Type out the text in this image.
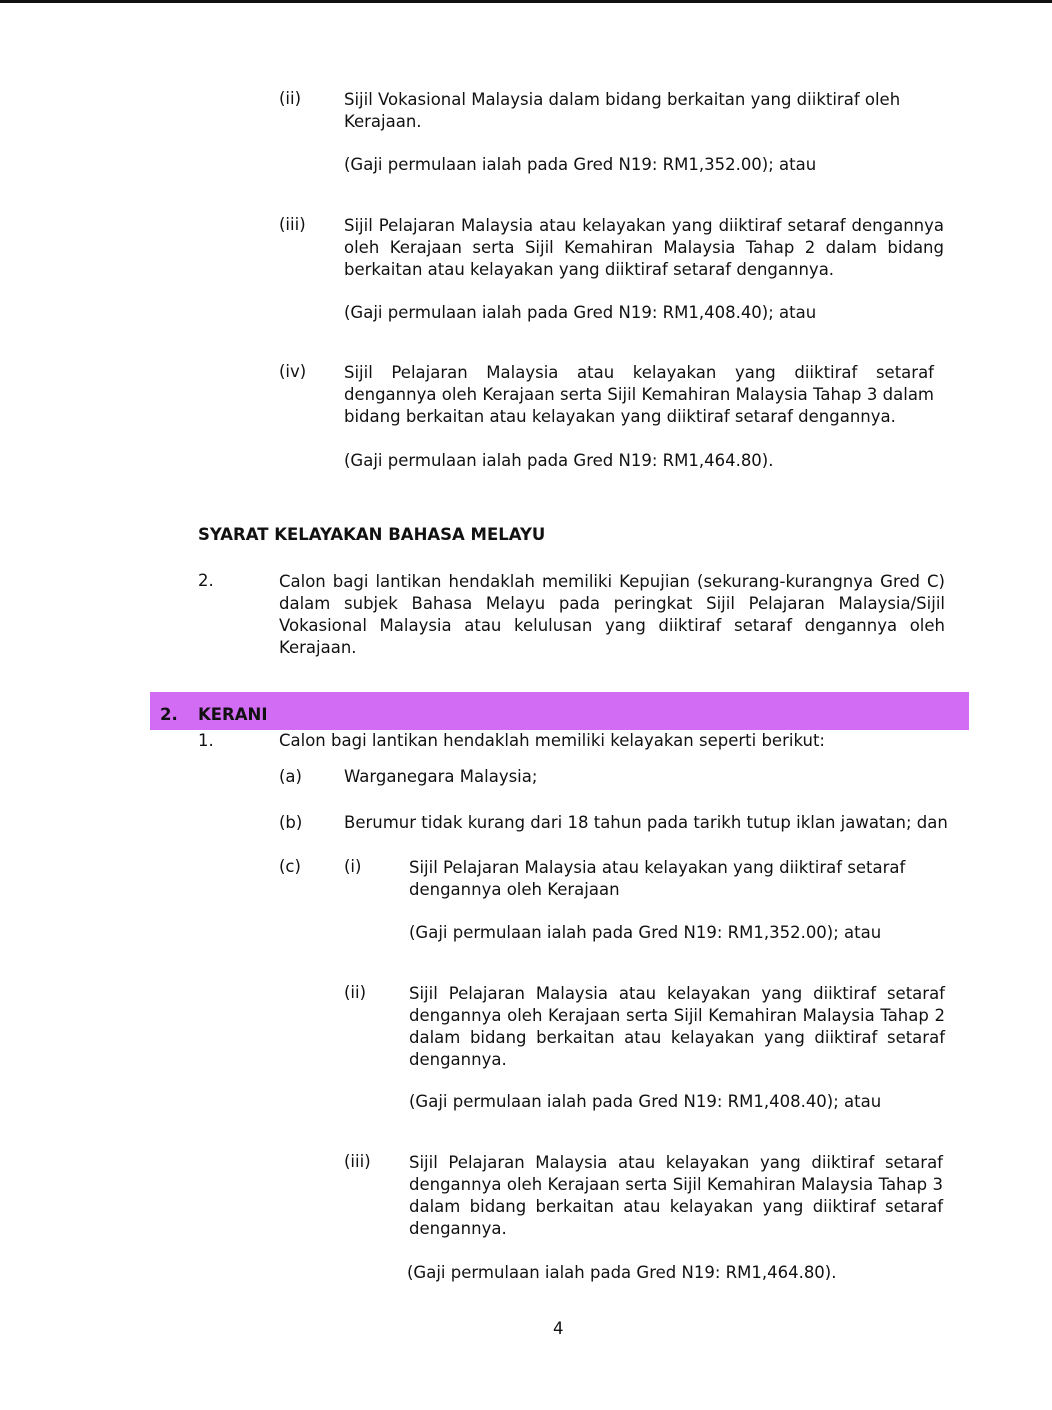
(ii)	Sijil Vokasional Malaysia dalam bidang berkaitan yang diiktiraf oleh Kerajaan.
(Gaji permulaan ialah pada Gred N19: RM1,352.00); atau
(iii) Sijil Pelajaran Malaysia atau kelayakan yang diiktiraf setaraf dengannya oleh Kerajaan serta Sijil Kemahiran Malaysia Tahap 2 dalam bidang berkaitan atau kelayakan yang diiktiraf setaraf dengannya.
(Gaji permulaan ialah pada Gred N19: RM1,408.40); atau
(iv) Sijil Pelajaran Malaysia atau kelayakan yang diiktiraf setaraf dengannya oleh Kerajaan serta Sijil Kemahiran Malaysia Tahap 3 dalam bidang berkaitan atau kelayakan yang diiktiraf setaraf dengannya.
(Gaji permulaan ialah pada Gred N19: RM1,464.80).
SYARAT KELAYAKAN BAHASA MELAYU
2.	Calon bagi lantikan hendaklah memiliki Kepujian (sekurang-kurangnya Gred C) dalam subjek Bahasa Melayu pada peringkat Sijil Pelajaran Malaysia/Sijil Vokasional Malaysia atau kelulusan yang diiktiraf setaraf dengannya oleh Kerajaan.
2. KERANI
1.	Calon bagi lantikan hendaklah memiliki kelayakan seperti berikut:
(a)	Warganegara Malaysia;
(b)	Berumur tidak kurang dari 18 tahun pada tarikh tutup iklan jawatan; dan
(c)	(i)	Sijil Pelajaran Malaysia atau kelayakan yang diiktiraf setaraf dengannya oleh Kerajaan
(Gaji permulaan ialah pada Gred N19: RM1,352.00); atau
(ii)	Sijil Pelajaran Malaysia atau kelayakan yang diiktiraf setaraf dengannya oleh Kerajaan serta Sijil Kemahiran Malaysia Tahap 2 dalam bidang berkaitan atau kelayakan yang diiktiraf setaraf dengannya.
(Gaji permulaan ialah pada Gred N19: RM1,408.40); atau
(iii) Sijil Pelajaran Malaysia atau kelayakan yang diiktiraf setaraf dengannya oleh Kerajaan serta Sijil Kemahiran Malaysia Tahap 3 dalam bidang berkaitan atau kelayakan yang diiktiraf setaraf dengannya.
(Gaji permulaan ialah pada Gred N19: RM1,464.80).
4
